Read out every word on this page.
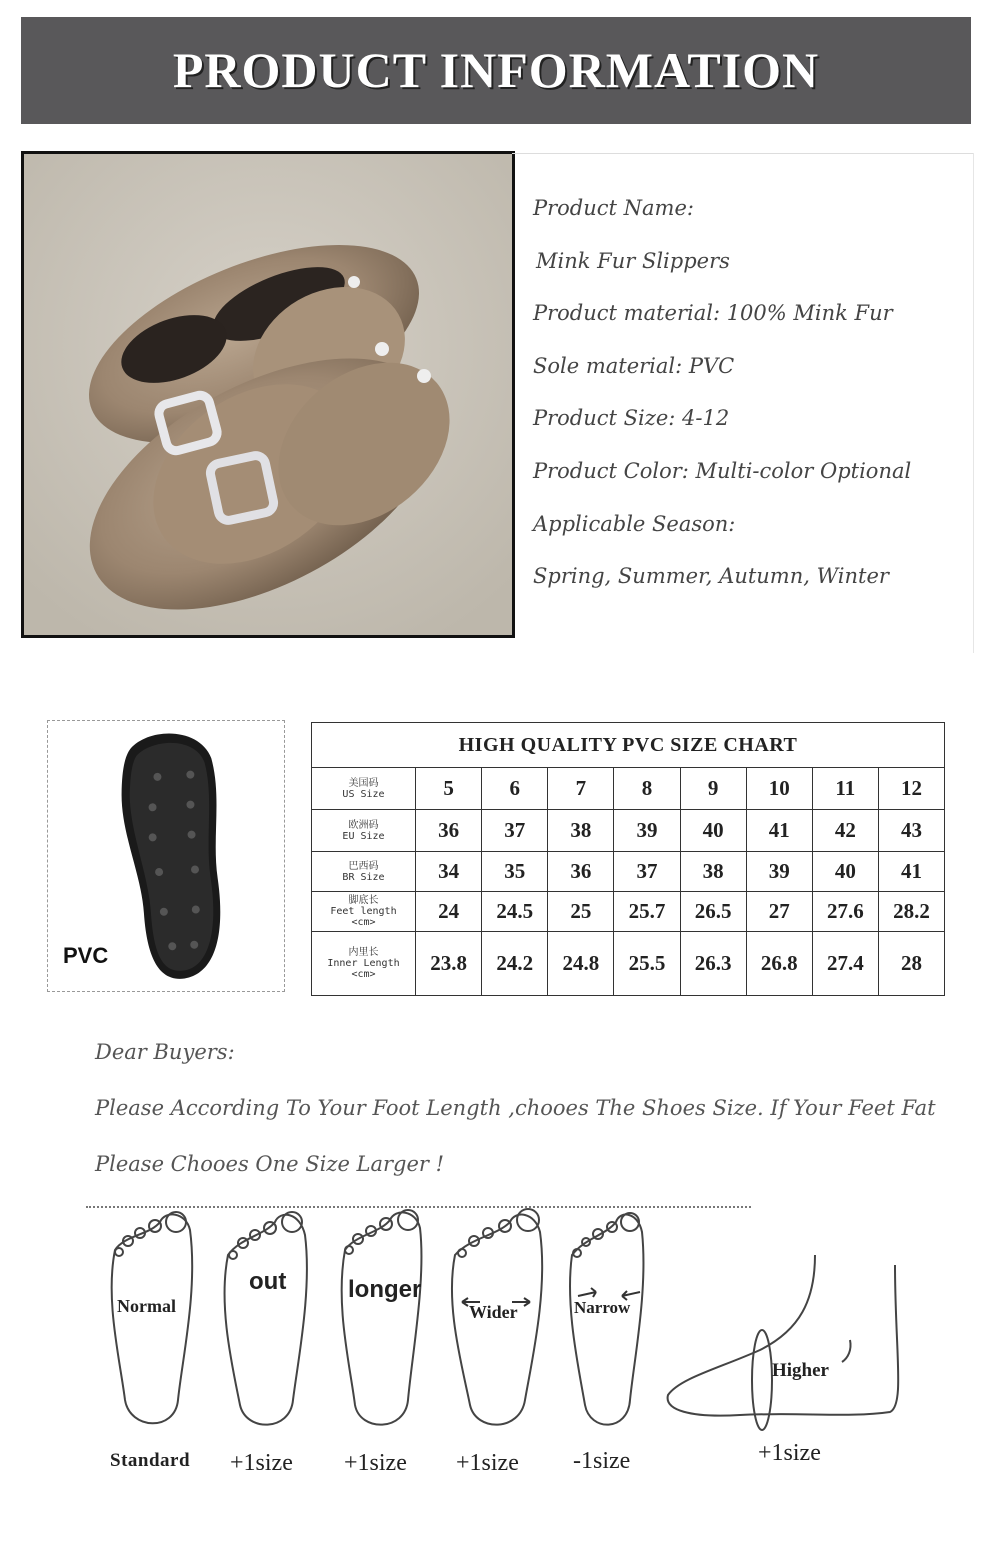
PRODUCT INFORMATION

Product Name:

Mink Fur Slippers

Product material: 100% Mink Fur

Sole material: PVC

Product Size: 4-12

Product Color: Multi-color Optional

Applicable Season:

Spring, Summer, Autumn, Winter

PVC
HIGH QUALITY PVC SIZE CHART								

美国码
US Size	5	6	7	8	9	10	11	12

欧洲码
EU Size	36	37	38	39	40	41	42	43

巴西码
BR Size	34	35	36	37	38	39	40	41

脚底长
Feet length
<cm>	24	24.5	25	25.7	26.5	27	27.6	28.2

内里长
Inner Length
<cm>	23.8	24.2	24.8	25.5	26.3	26.8	27.4	28
Dear Buyers:
Please According To Your Foot Length ,chooes The Shoes Size. If Your Feet Fat
Please Chooes One Size Larger !
Normal
out	longer
Wider	Narrow
Higher
Standard +1size +1size +1size -1size	+1size
